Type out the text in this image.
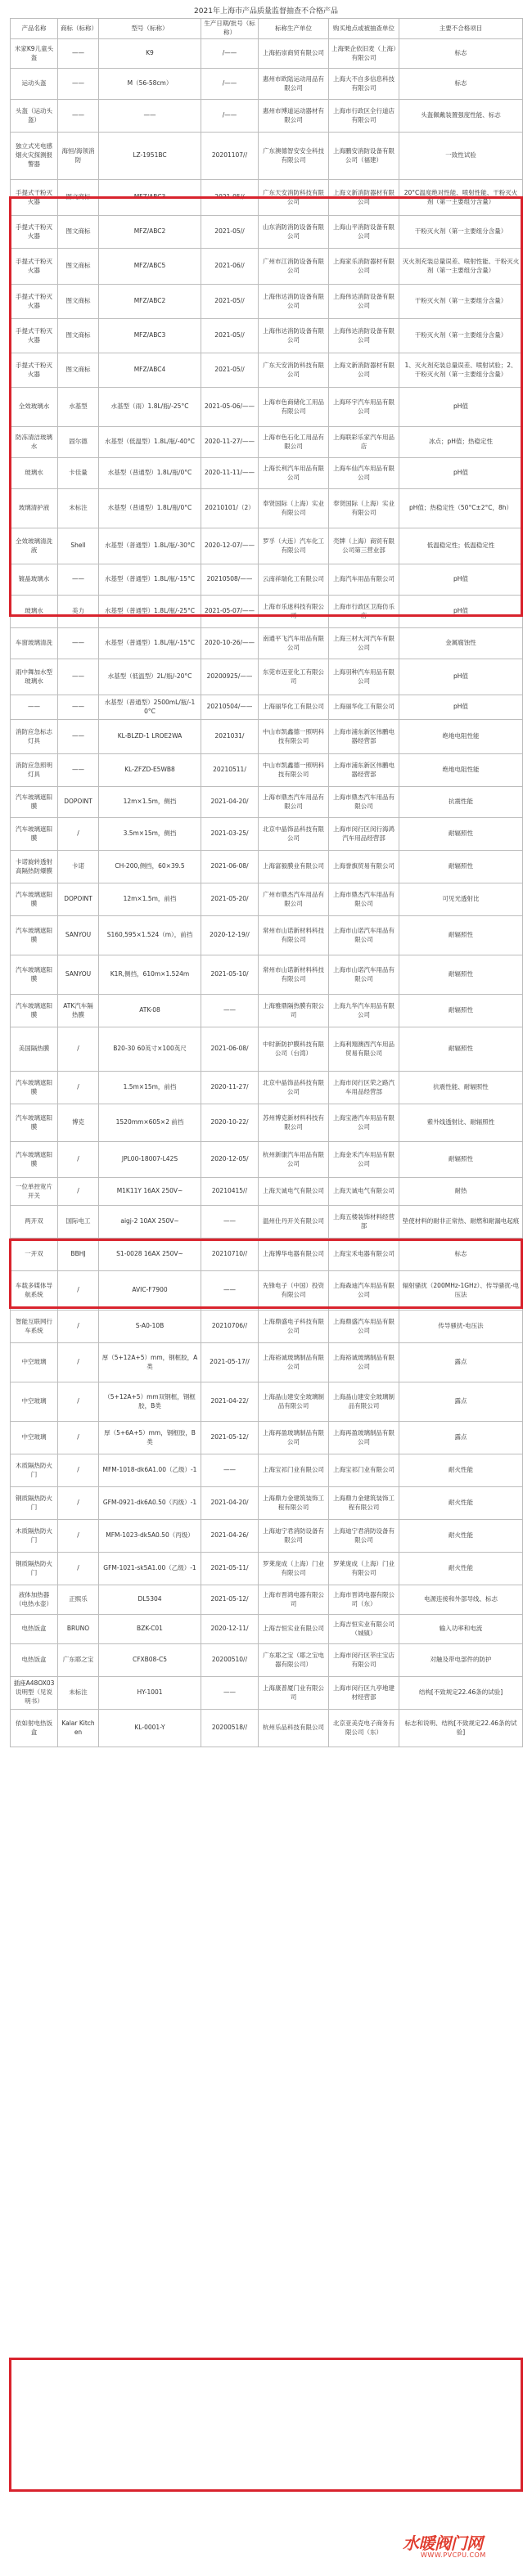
2021年上海市产品质量监督抽查不合格产品
产品名称	商标（标称）	型号（标称）	生产日期/批号（标称）	标称生产单位	购买地点或被抽查单位	主要不合格项目
米家K9儿童头盔	——	K9	/——	上海拓崇商贸有限公司	上海果企依旧麦（上海）有限公司	标志
运动头盔	——	M（56-58cm）	/——	惠州市欧陆运动用品有限公司	上海大不自多信息科技有限公司	标志
头盔（运动头盔）	——	——	/——	惠州市博道运动器材有限公司	上海市行政区全行道店有限公司	头盔佩戴装置强度性能、标志
独立式光电感烟火灾探测报警器	海恒/海领消防	LZ-1951BC	20201107//	广东澳德智安安全科技有限公司	上海鹏安消防设备有限公司（福建）	一致性试验
手提式干粉灭火器	图文商标	MFZ/ABC3	2021-05//	广东天安消防科技有限公司	上海文新消防器材有限公司	20°C温度绝对性能、喷射性能、干粉灭火剂（第一主要组分含量）
手提式干粉灭火器	图文商标	MFZ/ABC2	2021-05//	山东消防消防设备有限公司	上海山平消防设备有限公司	干粉灭火剂（第一主要组分含量）
手提式干粉灭火器	图文商标	MFZ/ABC5	2021-06//	广州市江消防设备有限公司	上海家乐消防器材有限公司	灭火剂充装总量误差、喷射性能、干粉灭火剂（第一主要组分含量）
手提式干粉灭火器	图文商标	MFZ/ABC2	2021-05//	上海伟达消防设备有限公司	上海伟达消防设备有限公司	干粉灭火剂（第一主要组分含量）
手提式干粉灭火器	图文商标	MFZ/ABC3	2021-05//	上海伟达消防设备有限公司	上海伟达消防设备有限公司	干粉灭火剂（第一主要组分含量）
手提式干粉灭火器	图文商标	MFZ/ABC4	2021-05//	广东天安消防科技有限公司	上海文新消防器材有限公司	1、灭火剂充装总量误差、喷射试验；2、干粉灭火剂（第一主要组分含量）
全效玻璃水	水基型	水基型（雨）1.8L/瓶/-25°C	2021-05-06/——	上海市色商储化工用品有限公司	上海环宇汽车用品有限公司	pH值
防冻清洁玻璃水	固尔德	水基型（低温型）1.8L/瓶/-40°C	2020-11-27/——	上海市色石化工用品有限公司	上海联彩乐家汽车用品店	冰点；pH值；热稳定性
玻璃水	卡佳量	水基型（普通型）1.8L/瓶/0°C	2020-11-11/——	上海长利汽车用品有限公司	上海车仙汽车用品有限公司	pH值
玻璃清护液	未标注	水基型（普通型）1.8L/瓶/0°C	20210101/（2）	奉贤国际（上海）实业有限公司	奉贤国际（上海）实业有限公司	pH值；热稳定性（50°C±2°C，8h）
全效玻璃清洗液	Shell	水基型（普通型）1.8L/瓶/-30°C	2020-12-07/——	罗孚（大连）汽车化工有限公司	壳牌（上海）商贸有限公司第三营业部	低温稳定性；低温稳定性
镀晶玻璃水	——	水基型（普通型）1.8L/瓶/-15°C	20210508/——	云南祥瑞化工有限公司	上海汽车用品有限公司	pH值
玻璃水	美力	水基型（普通型）1.8L/瓶/-25°C	2021-05-07/——	上海市乐迷科技有限公司	上海市行政区卫海仿乐店	pH值
车窗玻璃清洗	——	水基型（普通型）1.8L/瓶/-15°C	2020-10-26/——	南通平飞汽车用品有限公司	上海三材大河汽车有限公司	金属腐蚀性
雨中舞加水型玻璃水	——	水基型（低温型）2L/瓶/-20°C	20200925/——	东莞市迈亚化工有限公司	上海羽种汽车用品有限公司	pH值
——	——	水基型（普通型）2500mL/瓶/-10°C	20210504/——	上海丽华化工有限公司	上海丽华化工有限公司	pH值
消防应急标志灯具	——	KL-BLZD-1 LROE2WA	2021031/	中山市凯鑫德一照明科技有限公司	上海市浦东新区伟鹏电器经营部	绝地电阻性能
消防应急照明灯具	——	KL-ZFZD-E5WB8	20210511/	中山市凯鑫德一照明科技有限公司	上海市浦东新区伟鹏电器经营部	绝地电阻性能
汽车玻璃遮阳膜	DOPOINT	12m×1.5m，侧挡	2021-04-20/	上海市鼎杰汽车用品有限公司	上海市鼎杰汽车用品有限公司	抗震性能
汽车玻璃遮阳膜	/	3.5m×15m，侧挡	2021-03-25/	北京中晶饰品科技有限公司	上海市闵行区闵行海鸿汽车用品经营部	耐辐照性
卡诺旋转透射高隔热防爆膜	卡诺	CH-200,侧挡，60×39.5	2021-06-08/	上海富毅膜业有限公司	上海誉旗贸易有限公司	耐辐照性
汽车玻璃遮阳膜	DOPOINT	12m×1.5m，前挡	2021-05-20/	广州市鼎杰汽车用品有限公司	上海市鼎杰汽车用品有限公司	可见光透射比
汽车玻璃遮阳膜	SANYOU	S160,595×1.524（m），前挡	2020-12-19//	常州市山诺新材料科技有限公司	上海市山诺汽车用品有限公司	耐辐照性
汽车玻璃遮阳膜	SANYOU	K1R,侧挡，610m×1.524m	2021-05-10/	常州市山诺新材料科技有限公司	上海市山诺汽车用品有限公司	耐辐照性
汽车玻璃遮阳膜	ATK汽车隔热膜	ATK-08	——	上海雅鼎隔热膜有限公司	上海九华汽车用品有限公司	耐辐照性
美国隔热膜	/	B20-30 60英寸×100英尺	2021-06-08/	中时新防护膜科技有限公司（台湾）	上海利翔澳西汽车用品贸易有限公司	耐辐照性
汽车玻璃遮阳膜	/	1.5m×15m，前挡	2020-11-27/	北京中晶饰品科技有限公司	上海市闵行区荣之路汽车用品经营部	抗震性能、耐辐照性
汽车玻璃遮阳膜	博克	1520mm×605×2 前挡	2020-10-22/	苏州博克新材料科技有限公司	上海宝港汽车用品有限公司	紫外线透射比、耐辐照性
汽车玻璃遮阳膜	/	JPL00-18007-L42S	2020-12-05/	杭州新康汽车用品有限公司	上海金禾汽车用品有限公司	耐辐照性
一位单控宽片开关	/	M1K11Y 16AX 250V~	20210415//	上海天诚电气有限公司	上海天诚电气有限公司	耐热
两开双	国际电工	aigj-2 10AX 250V~	——	温州仕丹开关有限公司	上海五楼装饰材料经营部	垫使材料的耐非正常热、耐燃和耐漏电起痕
一开双	BBHJ	S1-0028 16AX 250V~	20210710//	上海博华电器有限公司	上海宝禾电器有限公司	标志
车载多媒体导航系统	/	AVIC-F7900	——	先锋电子（中国）投资有限公司	上海森迪汽车用品有限公司	辐射骚扰（200MHz-1GHz）、传导骚扰-电压法
智能互联网行车系统	/	S-A0-10B	20210706//	上海鼎盛电子科技有限公司	上海鼎盛汽车用品有限公司	传导骚扰-电压法
中空玻璃	/	厚（5+12A+5）mm，钢框胶，A类	2021-05-17//	上海裕诚玻璃制品有限公司	上海裕诚玻璃制品有限公司	露点
中空玻璃	/	（5+12A+5）mm双钢框，钢框胶，B类	2021-04-22/	上海晶山建安全玻璃制品有限公司	上海晶山建安全玻璃制品有限公司	露点
中空玻璃	/	厚（5+6A+5）mm，钢框胶，B类	2021-05-12/	上海再盈玻璃制品有限公司	上海再盈玻璃制品有限公司	露点
木质隔热防火门	/	MFM-1018-dk6A1.00（乙级）-1	——	上海宝祁门业有限公司	上海宝祁门业有限公司	耐火性能
钢质隔热防火门	/	GFM-0921-dk6A0.50（丙级）-1	2021-04-20/	上海鼎力金建筑装饰工程有限公司	上海鼎力金建筑装饰工程有限公司	耐火性能
木质隔热防火门	/	MFM-1023-dk5A0.50（丙级）	2021-04-26/	上海迪宁君消防设备有限公司	上海迪宁君消防设备有限公司	耐火性能
钢质隔热防火门	/	GFM-1021-sk5A1.00（乙级）-1	2021-05-11/	罗莱庞成（上海）门业有限公司	罗莱庞成（上海）门业有限公司	耐火性能
液体加热器（电热水壶）	正熙乐	DL5304	2021-05-12/	上海市晋鸿电器有限公司	上海市晋鸿电器有限公司（东）	电源连接和外部导线、标志
电热饭盒	BRUNO	BZK-C01	2020-12-11/	上海吉恒实业有限公司	上海吉恒实业有限公司（城镇）	输入功率和电流
电热饭盒	广东耶之宝	CFXB08-C5	20200510//	广东耶之宝（耶之宝电器有限公司）	上海市闵行区莘庄宝店有限公司	对触及带电部件的防护
插座A48OX03说明型（见说明书）	未标注	HY-1001	——	上海康普厦门业有限公司	上海市闵行区九亭地建材经营部	结构[不致规定22.46条的试验]
依如射电热饭盒	Kalar Kitchen	KL-0001-Y	20200518//	杭州乐品科技有限公司	北京亚美克电子商务有限公司（东）	标志和说明、结构[不致规定22.46条的试验]
水暖阀门网
WWW.PVCPU.COM
